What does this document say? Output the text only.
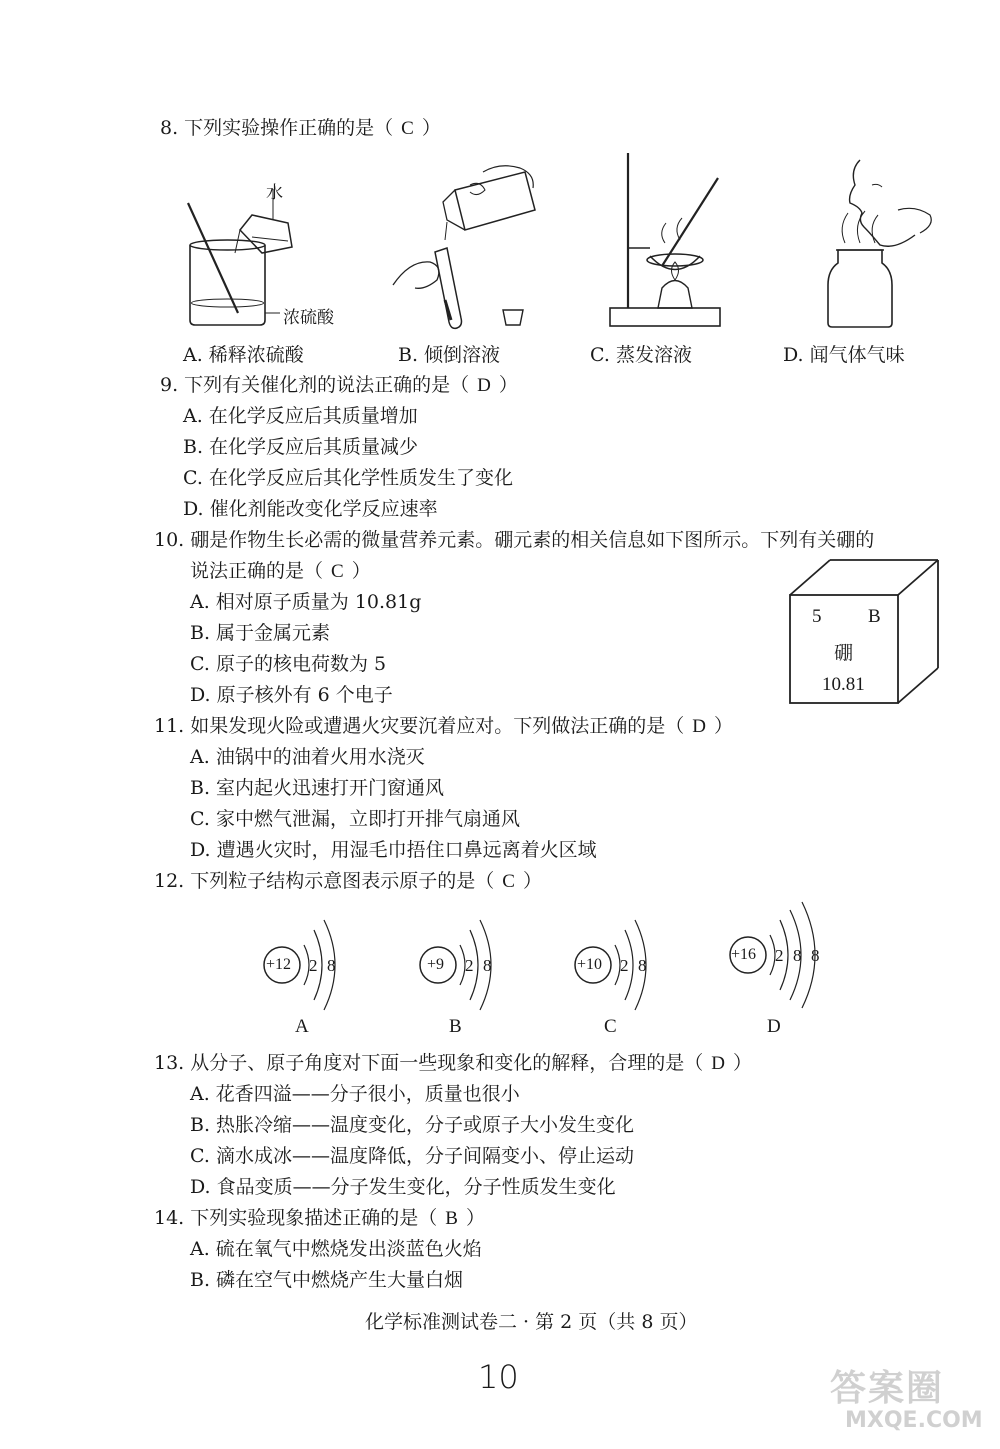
8. 下列实验操作正确的是（ C ）
水
浓硫酸
A. 稀释浓硫酸	B. 倾倒溶液	C. 蒸发溶液	D. 闻气体气味
9. 下列有关催化剂的说法正确的是（ D ）
A. 在化学反应后其质量增加
B. 在化学反应后其质量减少
C. 在化学反应后其化学性质发生了变化
D. 催化剂能改变化学反应速率
10. 硼是作物生长必需的微量营养元素。硼元素的相关信息如下图所示。下列有关硼的
说法正确的是（ C ）
A. 相对原子质量为 10.81g
B. 属于金属元素
C. 原子的核电荷数为 5
D. 原子核外有 6 个电子
5 B
硼
10.81
11. 如果发现火险或遭遇火灾要沉着应对。下列做法正确的是（ D ）
A. 油锅中的油着火用水浇灭
B. 室内起火迅速打开门窗通风
C. 家中燃气泄漏，立即打开排气扇通风
D. 遭遇火灾时，用湿毛巾捂住口鼻远离着火区域
12. 下列粒子结构示意图表示原子的是（ C ）
+12 2 8
A
+9 2 8
B
+10 2 8
C
+16 2 8 8
D
13. 从分子、原子角度对下面一些现象和变化的解释，合理的是（ D ）
A. 花香四溢——分子很小，质量也很小
B. 热胀冷缩——温度变化，分子或原子大小发生变化
C. 滴水成冰——温度降低，分子间隔变小、停止运动
D. 食品变质——分子发生变化，分子性质发生变化
14. 下列实验现象描述正确的是（ B ）
A. 硫在氧气中燃烧发出淡蓝色火焰
B. 磷在空气中燃烧产生大量白烟
化学标准测试卷二 · 第 2 页（共 8 页）
10	答案圈
MXQE.COM
